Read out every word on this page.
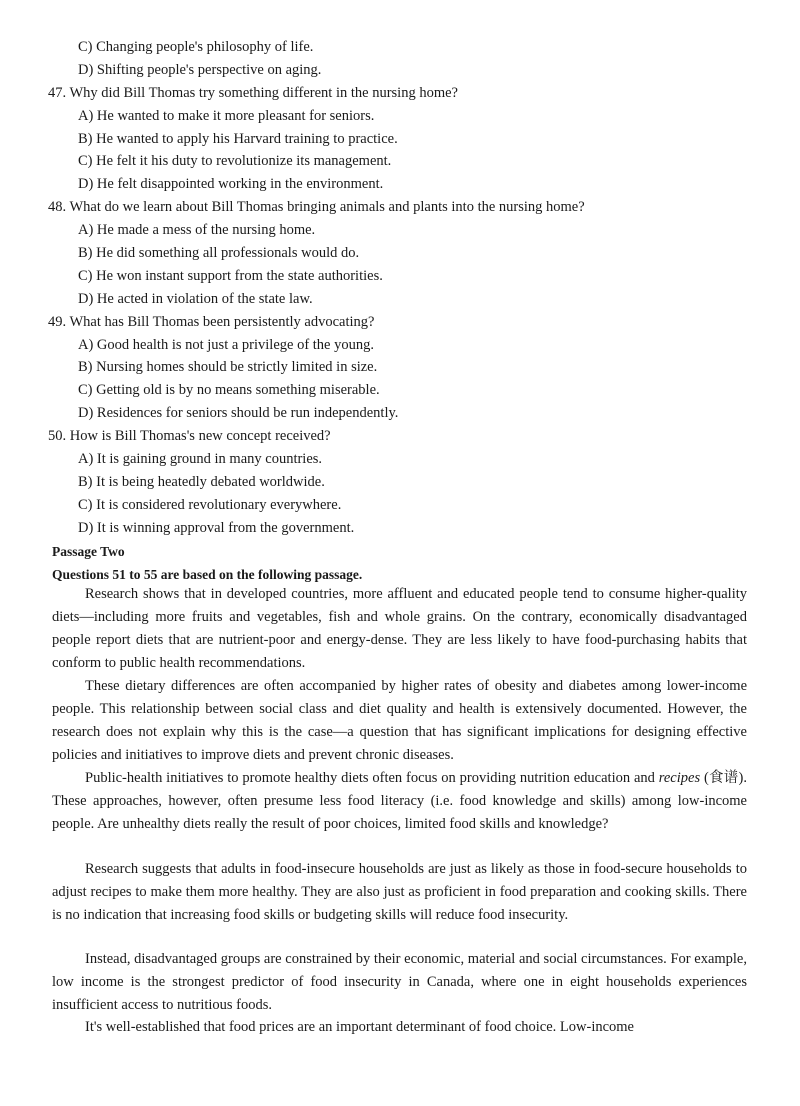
C) Changing people's philosophy of life.
D) Shifting people's perspective on aging.
47. Why did Bill Thomas try something different in the nursing home?
A) He wanted to make it more pleasant for seniors.
B) He wanted to apply his Harvard training to practice.
C) He felt it his duty to revolutionize its management.
D) He felt disappointed working in the environment.
48. What do we learn about Bill Thomas bringing animals and plants into the nursing home?
A) He made a mess of the nursing home.
B) He did something all professionals would do.
C) He won instant support from the state authorities.
D) He acted in violation of the state law.
49. What has Bill Thomas been persistently advocating?
A) Good health is not just a privilege of the young.
B) Nursing homes should be strictly limited in size.
C) Getting old is by no means something miserable.
D) Residences for seniors should be run independently.
50. How is Bill Thomas's new concept received?
A) It is gaining ground in many countries.
B) It is being heatedly debated worldwide.
C) It is considered revolutionary everywhere.
D) It is winning approval from the government.
Passage Two
Questions 51 to 55 are based on the following passage.
Research shows that in developed countries, more affluent and educated people tend to consume higher-quality diets—including more fruits and vegetables, fish and whole grains. On the contrary, economically disadvantaged people report diets that are nutrient-poor and energy-dense. They are less likely to have food-purchasing habits that conform to public health recommendations.
These dietary differences are often accompanied by higher rates of obesity and diabetes among lower-income people. This relationship between social class and diet quality and health is extensively documented. However, the research does not explain why this is the case—a question that has significant implications for designing effective policies and initiatives to improve diets and prevent chronic diseases.
Public-health initiatives to promote healthy diets often focus on providing nutrition education and recipes (食谱). These approaches, however, often presume less food literacy (i.e. food knowledge and skills) among low-income people. Are unhealthy diets really the result of poor choices, limited food skills and knowledge?
Research suggests that adults in food-insecure households are just as likely as those in food-secure households to adjust recipes to make them more healthy. They are also just as proficient in food preparation and cooking skills. There is no indication that increasing food skills or budgeting skills will reduce food insecurity.
Instead, disadvantaged groups are constrained by their economic, material and social circumstances. For example, low income is the strongest predictor of food insecurity in Canada, where one in eight households experiences insufficient access to nutritious foods.
It's well-established that food prices are an important determinant of food choice. Low-income
